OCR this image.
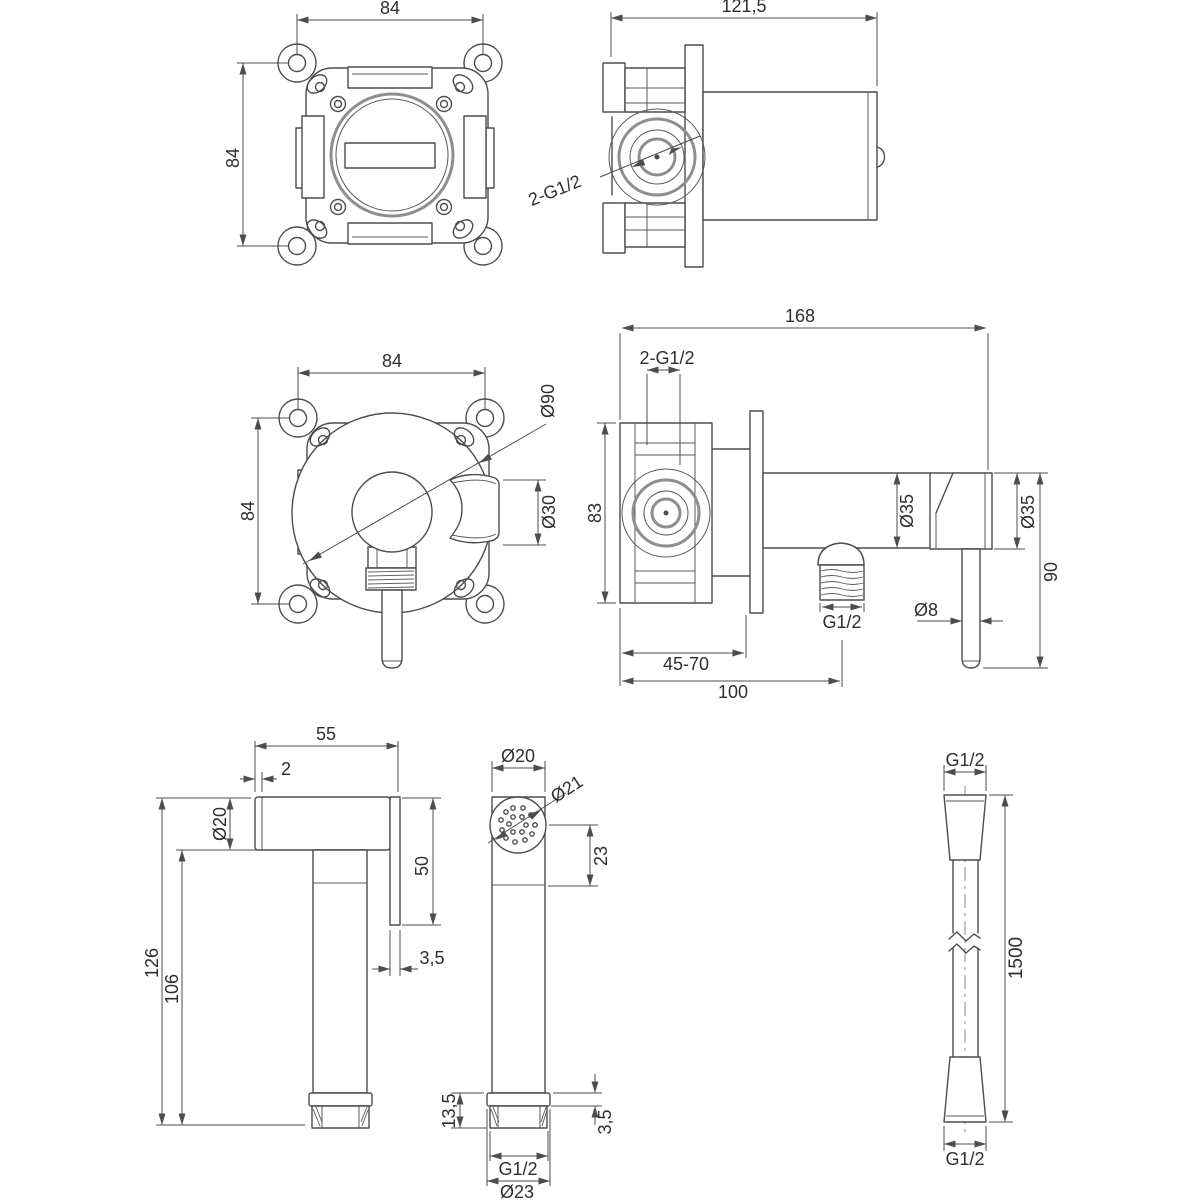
84
84
2-G1/2
121,5
84
84
Ø90
Ø30
168
2-G1/2
83	Ø35	Ø35
90
Ø8
G1/2
45-70
100
55
2
Ø20
50
3,5
126
106
Ø20
Ø21
23
13,5	3,5
G1/2
Ø23
G1/2
1500
G1/2
